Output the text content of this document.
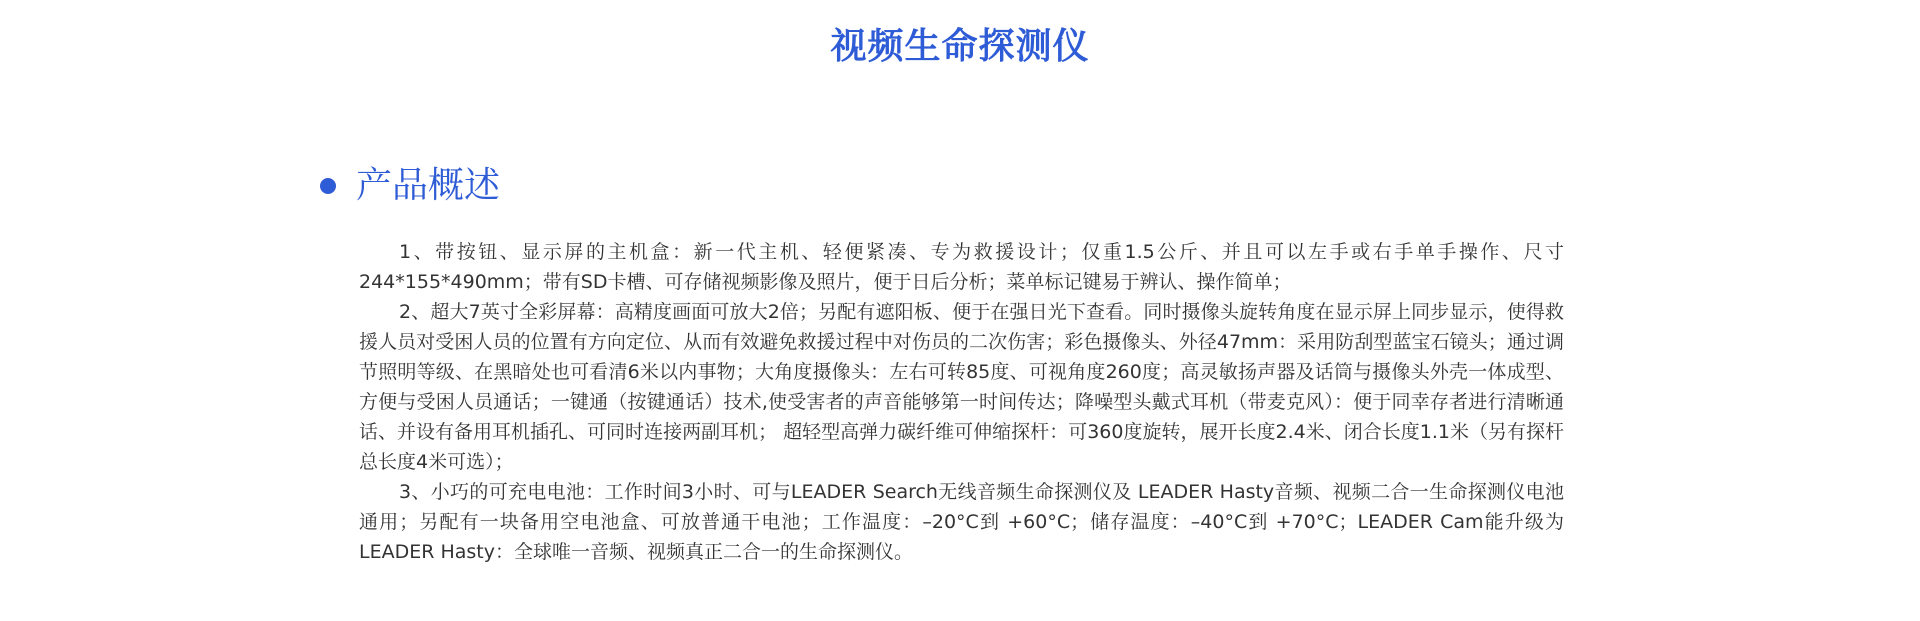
视频生命探测仪
产品概述

1、带按钮、显示屏的主机盒：新一代主机、轻便紧凑、专为救援设计；仅重1.5公斤、并且可以左手或右手单手操作、尺寸244*155*490mm；带有SD卡槽、可存储视频影像及照片，便于日后分析；菜单标记键易于辨认、操作简单；

2、超大7英寸全彩屏幕：高精度画面可放大2倍；另配有遮阳板、便于在强日光下查看。同时摄像头旋转角度在显示屏上同步显示，使得救援人员对受困人员的位置有方向定位、从而有效避免救援过程中对伤员的二次伤害；彩色摄像头、外径47mm：采用防刮型蓝宝石镜头；通过调节照明等级、在黑暗处也可看清6米以内事物；大角度摄像头：左右可转85度、可视角度260度；高灵敏扬声器及话筒与摄像头外壳一体成型、方便与受困人员通话；一键通（按键通话）技术,使受害者的声音能够第一时间传达；降噪型头戴式耳机（带麦克风）：便于同幸存者进行清晰通话、并设有备用耳机插孔、可同时连接两副耳机； 超轻型高弹力碳纤维可伸缩探杆：可360度旋转，展开长度2.4米、闭合长度1.1米（另有探杆总长度4米可选）；

3、小巧的可充电电池：工作时间3小时、可与LEADER Search无线音频生命探测仪及 LEADER Hasty音频、视频二合一生命探测仪电池通用；另配有一块备用空电池盒、可放普通干电池；工作温度：–20°C到 +60°C；储存温度：–40°C到 +70°C；LEADER Cam能升级为LEADER Hasty：全球唯一音频、视频真正二合一的生命探测仪。
